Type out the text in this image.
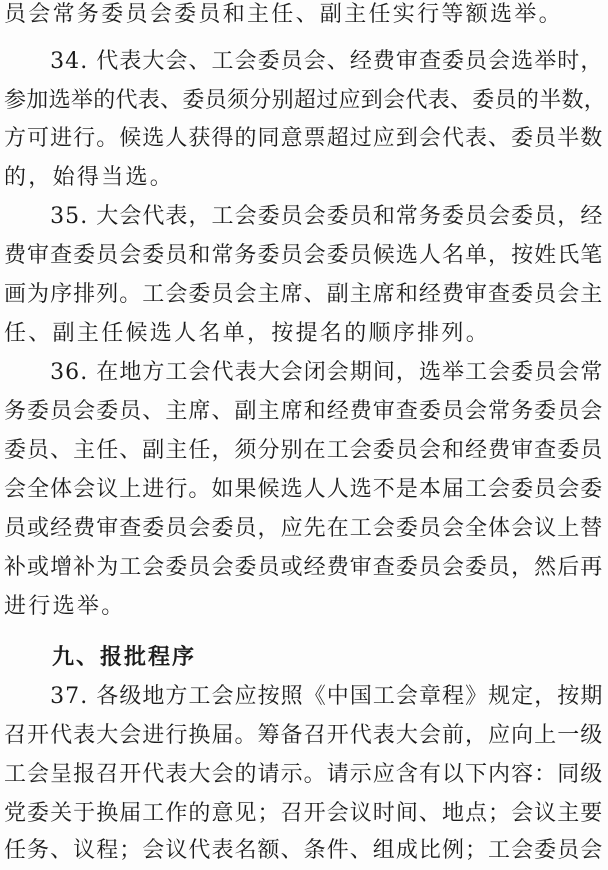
员会常务委员会委员和主任、副主任实行等额选举。
　　34. 代表大会、工会委员会、经费审查委员会选举时，
参加选举的代表、委员须分别超过应到会代表、委员的半数，
方可进行。候选人获得的同意票超过应到会代表、委员半数
的，始得当选。
　　35. 大会代表，工会委员会委员和常务委员会委员，经
费审查委员会委员和常务委员会委员候选人名单，按姓氏笔
画为序排列。工会委员会主席、副主席和经费审查委员会主
任、副主任候选人名单，按提名的顺序排列。
　　36. 在地方工会代表大会闭会期间，选举工会委员会常
务委员会委员、主席、副主席和经费审查委员会常务委员会
委员、主任、副主任，须分别在工会委员会和经费审查委员
会全体会议上进行。如果候选人人选不是本届工会委员会委
员或经费审查委员会委员，应先在工会委员会全体会议上替
补或增补为工会委员会委员或经费审查委员会委员，然后再
进行选举。
　　九、报批程序
　　37. 各级地方工会应按照《中国工会章程》规定，按期
召开代表大会进行换届。筹备召开代表大会前，应向上一级
工会呈报召开代表大会的请示。请示应含有以下内容：同级
党委关于换届工作的意见；召开会议时间、地点；会议主要
任务、议程；会议代表名额、条件、组成比例；工会委员会
